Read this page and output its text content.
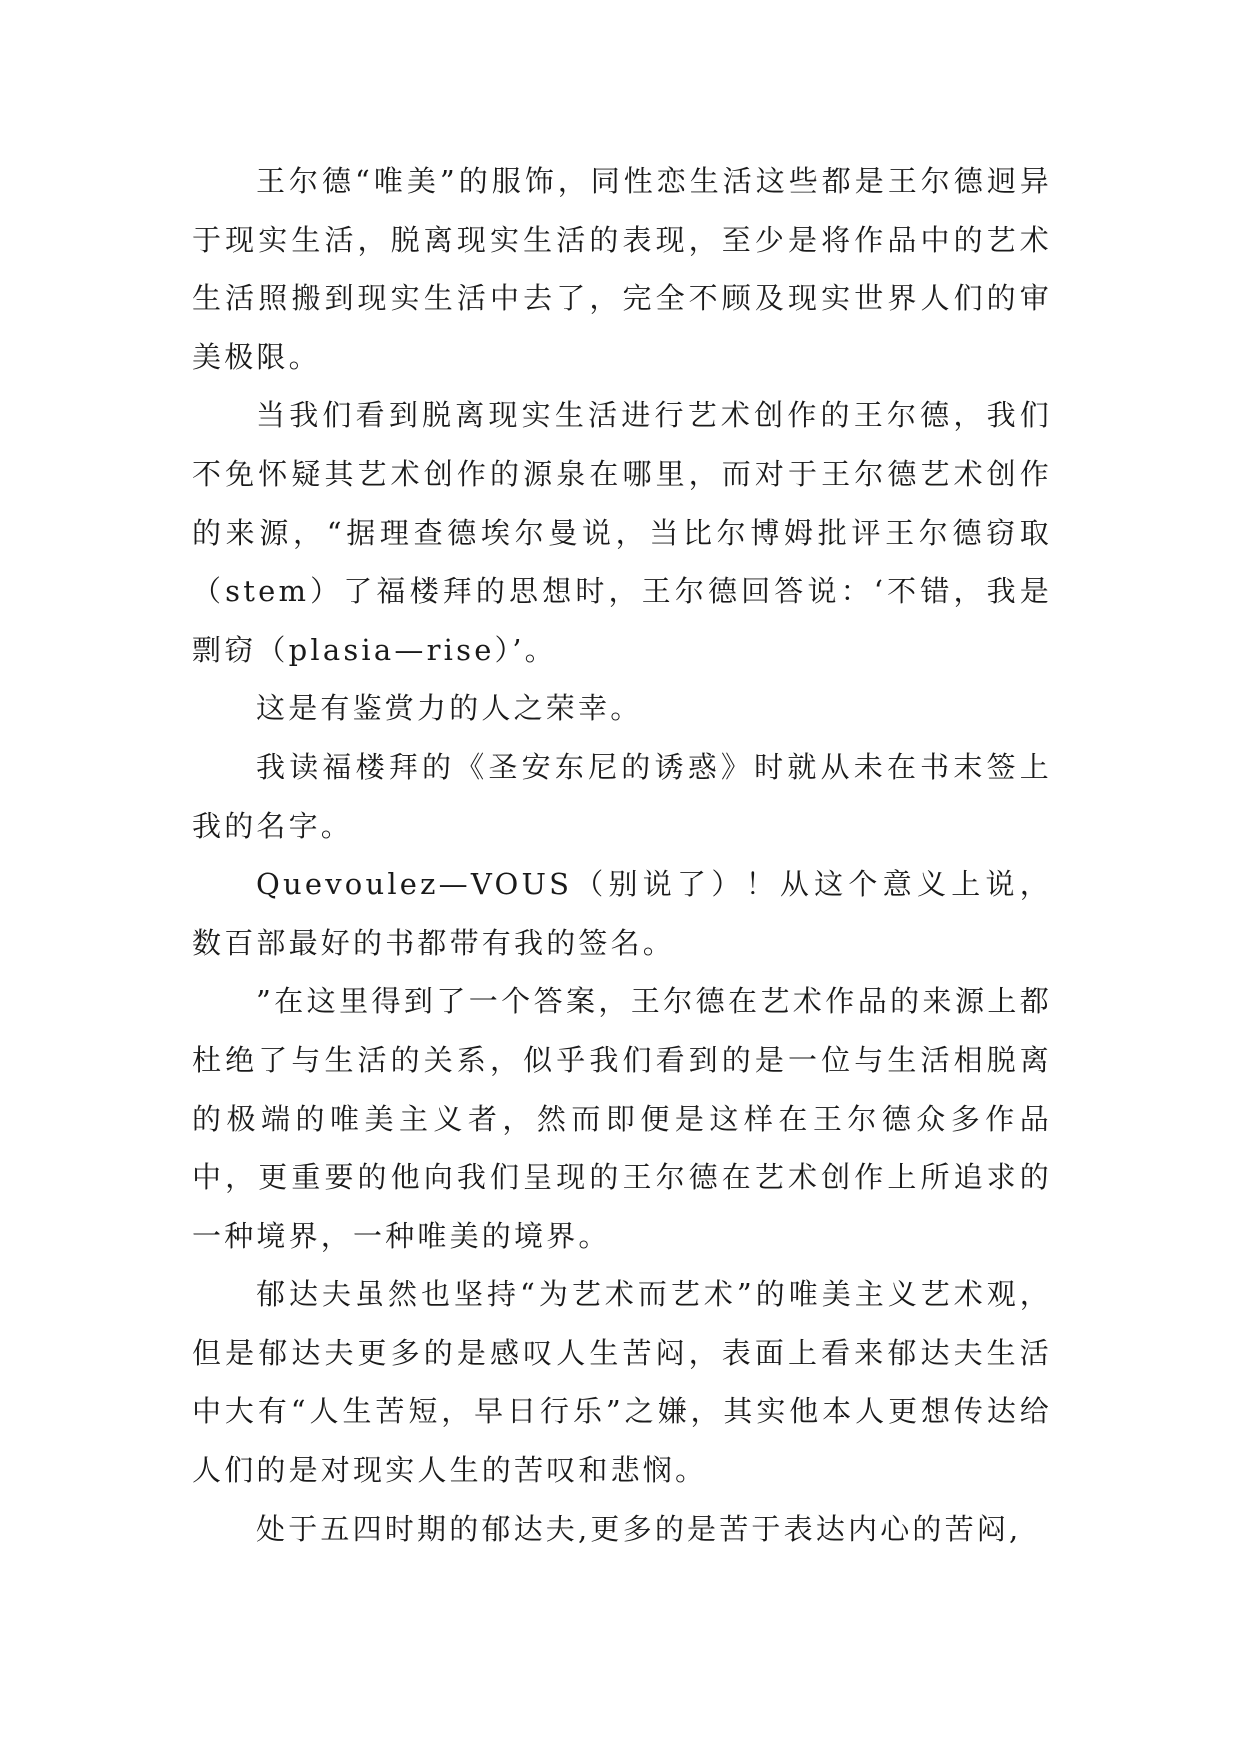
王尔德“唯美”的服饰，同性恋生活这些都是王尔德迥异于现实生活，脱离现实生活的表现，至少是将作品中的艺术生活照搬到现实生活中去了，完全不顾及现实世界人们的审美极限。

当我们看到脱离现实生活进行艺术创作的王尔德，我们不免怀疑其艺术创作的源泉在哪里，而对于王尔德艺术创作的来源，“据理查德埃尔曼说，当比尔博姆批评王尔德窃取（stem）了福楼拜的思想时，王尔德回答说：‘不错，我是剽窃（plasia—rise）’。

这是有鉴赏力的人之荣幸。

我读福楼拜的《圣安东尼的诱惑》时就从未在书末签上我的名字。

Quevoulez—VOUS（别说了）！从这个意义上说，数百部最好的书都带有我的签名。

”在这里得到了一个答案，王尔德在艺术作品的来源上都杜绝了与生活的关系，似乎我们看到的是一位与生活相脱离的极端的唯美主义者，然而即便是这样在王尔德众多作品中，更重要的他向我们呈现的王尔德在艺术创作上所追求的一种境界，一种唯美的境界。

郁达夫虽然也坚持“为艺术而艺术”的唯美主义艺术观，但是郁达夫更多的是感叹人生苦闷，表面上看来郁达夫生活中大有“人生苦短，早日行乐”之嫌，其实他本人更想传达给人们的是对现实人生的苦叹和悲悯。

处于五四时期的郁达夫,更多的是苦于表达内心的苦闷,
